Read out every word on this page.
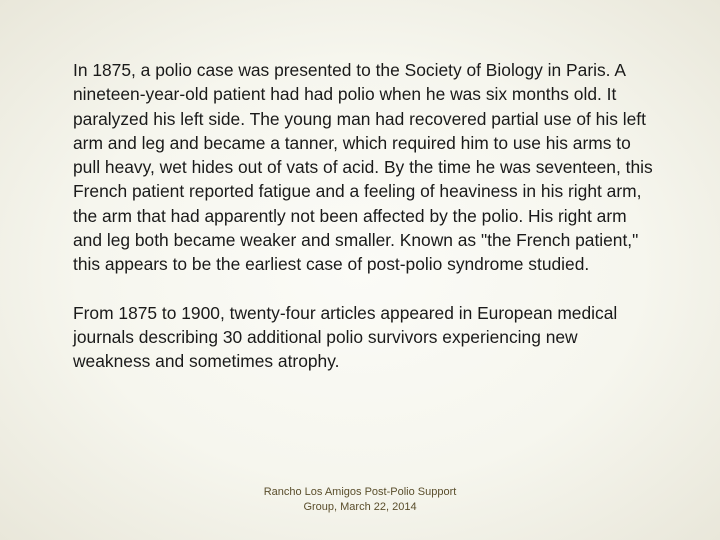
In 1875, a polio case was presented to the Society of Biology in Paris. A nineteen-year-old patient had had polio when he was six months old. It paralyzed his left side. The young man had recovered partial use of his left arm and leg and became a tanner, which required him to use his arms to pull heavy, wet hides out of vats of acid. By the time he was seventeen, this French patient reported fatigue and a feeling of heaviness in his right arm, the arm that had apparently not been affected by the polio. His right arm and leg both became weaker and smaller. Known as "the French patient," this appears to be the earliest case of post-polio syndrome studied.

From 1875 to 1900, twenty-four articles appeared in European medical journals describing 30 additional polio survivors experiencing new weakness and sometimes atrophy.

Rancho Los Amigos Post-Polio Support
Group, March 22, 2014
